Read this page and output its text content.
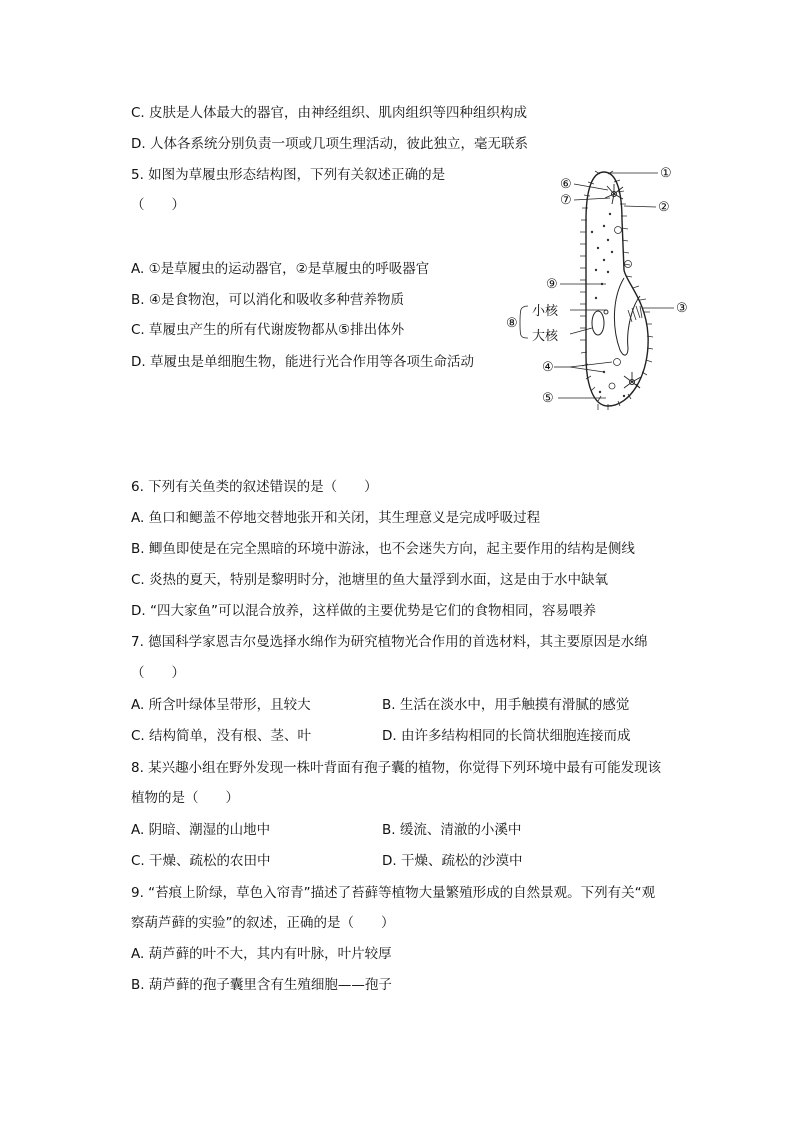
C. 皮肤是人体最大的器官，由神经组织、肌肉组织等四种组织构成
D. 人体各系统分别负责一项或几项生理活动，彼此独立，毫无联系
5. 如图为草履虫形态结构图，下列有关叙述正确的是
（　　）
A. ①是草履虫的运动器官，②是草履虫的呼吸器官
B. ④是食物泡，可以消化和吸收多种营养物质
C. 草履虫产生的所有代谢废物都从⑤排出体外
D. 草履虫是单细胞生物，能进行光合作用等各项生命活动
①
②
③
④
⑤
⑥
⑦
⑧
⑨
小核
大核
6. 下列有关鱼类的叙述错误的是（　　）
A. 鱼口和鳃盖不停地交替地张开和关闭，其生理意义是完成呼吸过程
B. 鲫鱼即使是在完全黑暗的环境中游泳，也不会迷失方向，起主要作用的结构是侧线
C. 炎热的夏天，特别是黎明时分，池塘里的鱼大量浮到水面，这是由于水中缺氧
D. “四大家鱼”可以混合放养，这样做的主要优势是它们的食物相同，容易喂养
7. 德国科学家恩吉尔曼选择水绵作为研究植物光合作用的首选材料，其主要原因是水绵
（　　）
A. 所含叶绿体呈带形，且较大	B. 生活在淡水中，用手触摸有滑腻的感觉
C. 结构简单，没有根、茎、叶	D. 由许多结构相同的长筒状细胞连接而成
8. 某兴趣小组在野外发现一株叶背面有孢子囊的植物，你觉得下列环境中最有可能发现该
植物的是（　　）
A. 阴暗、潮湿的山地中	B. 缓流、清澈的小溪中
C. 干燥、疏松的农田中	D. 干燥、疏松的沙漠中
9. “苔痕上阶绿，草色入帘青”描述了苔藓等植物大量繁殖形成的自然景观。下列有关“观
察葫芦藓的实验”的叙述，正确的是（　　）
A. 葫芦藓的叶不大，其内有叶脉，叶片较厚
B. 葫芦藓的孢子囊里含有生殖细胞——孢子
